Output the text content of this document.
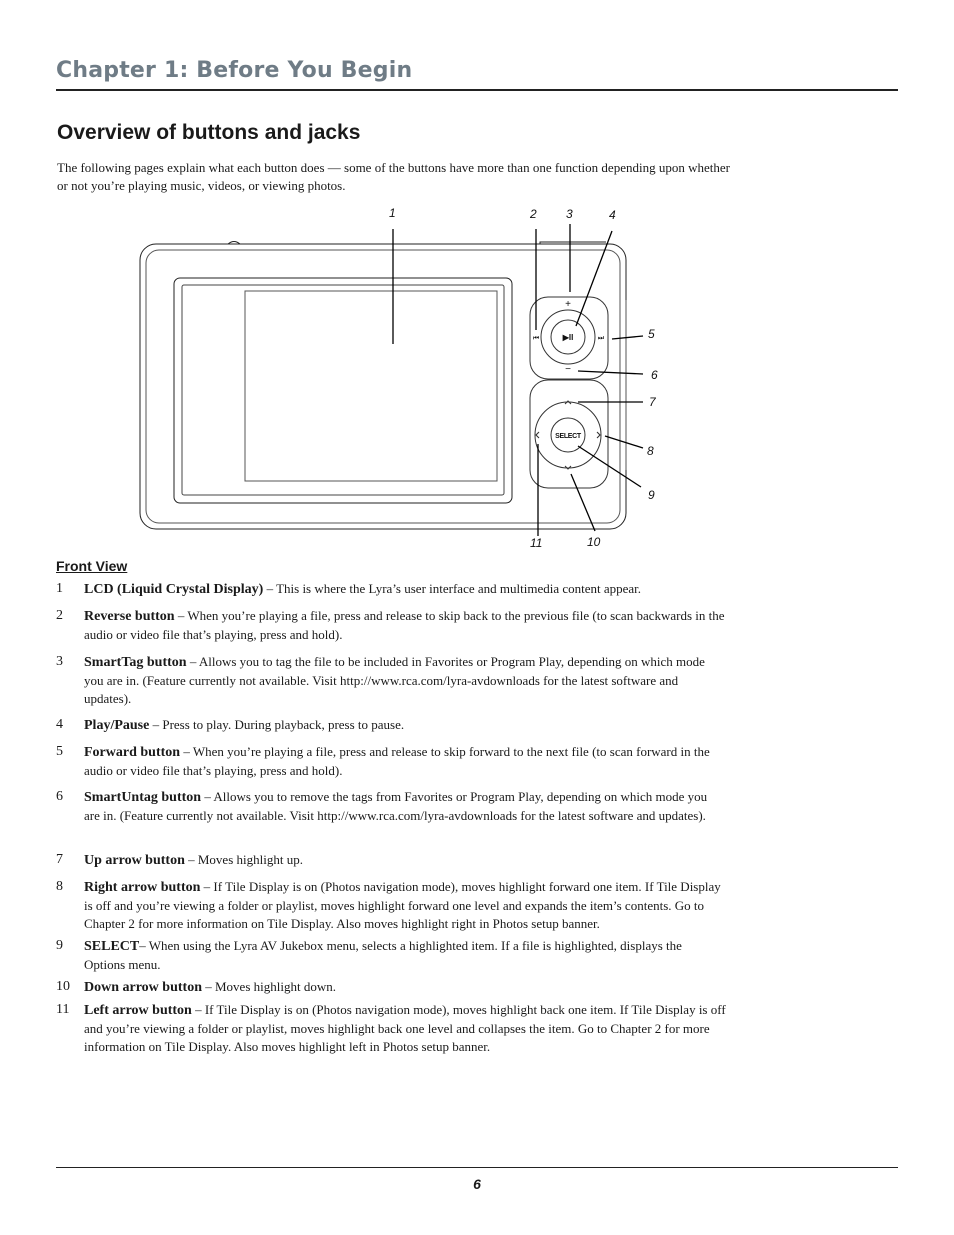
Chapter 1: Before You Begin
Overview of buttons and jacks

The following pages explain what each button does — some of the buttons have more than one function depending upon whether or not you’re playing music, videos, or viewing photos.

+
−
▶II
⏮	⏭
SELECT
1	2 3	4
5
6
7
8
9
10
11
Front View
1	LCD (Liquid Crystal Display) – This is where the Lyra’s user interface and multimedia content appear.
2	Reverse button – When you’re playing a file, press and release to skip back to the previous file (to scan backwards in the audio or video file that’s playing, press and hold).
3	SmartTag button – Allows you to tag the file to be included in Favorites or Program Play, depending on which mode you are in. (Feature currently not available. Visit http://www.rca.com/lyra-avdownloads for the latest software and updates).
4	Play/Pause – Press to play. During playback, press to pause.
5	Forward button – When you’re playing a file, press and release to skip forward to the next file (to scan forward in the audio or video file that’s playing, press and hold).
6	SmartUntag button – Allows you to remove the tags from Favorites or Program Play, depending on which mode you are in. (Feature currently not available. Visit http://www.rca.com/lyra-avdownloads for the latest software and updates).
7	Up arrow button – Moves highlight up.
8	Right arrow button – If Tile Display is on (Photos navigation mode), moves highlight forward one item. If Tile Display is off and you’re viewing a folder or playlist, moves highlight forward one level and expands the item’s contents. Go to Chapter 2 for more information on Tile Display. Also moves highlight right in Photos setup banner.
9	SELECT– When using the Lyra AV Jukebox menu, selects a highlighted item. If a file is highlighted, displays the Options menu.
10	Down arrow button – Moves highlight down.
11	Left arrow button – If Tile Display is on (Photos navigation mode), moves highlight back one item. If Tile Display is off and you’re viewing a folder or playlist, moves highlight back one level and collapses the item. Go to Chapter 2 for more information on Tile Display. Also moves highlight left in Photos setup banner.
6
